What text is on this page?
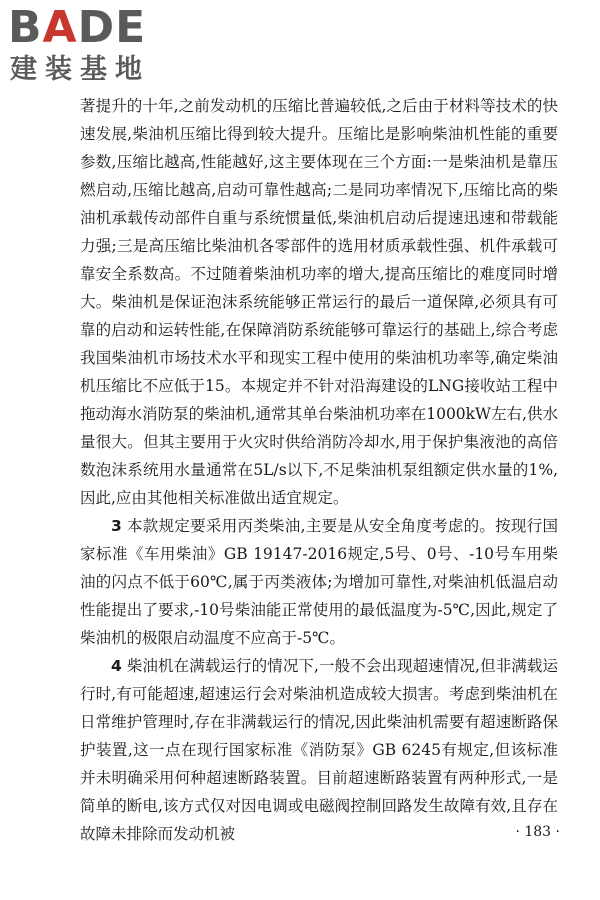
BADE
建装基地

著提升的十年,之前发动机的压缩比普遍较低,之后由于材料等技术的快速发展,柴油机压缩比得到较大提升。压缩比是影响柴油机性能的重要参数,压缩比越高,性能越好,这主要体现在三个方面:一是柴油机是靠压燃启动,压缩比越高,启动可靠性越高;二是同功率情况下,压缩比高的柴油机承载传动部件自重与系统惯量低,柴油机启动后提速迅速和带载能力强;三是高压缩比柴油机各零部件的选用材质承载性强、机件承载可靠安全系数高。不过随着柴油机功率的增大,提高压缩比的难度同时增大。柴油机是保证泡沫系统能够正常运行的最后一道保障,必须具有可靠的启动和运转性能,在保障消防系统能够可靠运行的基础上,综合考虑我国柴油机市场技术水平和现实工程中使用的柴油机功率等,确定柴油机压缩比不应低于15。本规定并不针对沿海建设的LNG接收站工程中拖动海水消防泵的柴油机,通常其单台柴油机功率在1000kW左右,供水量很大。但其主要用于火灾时供给消防冷却水,用于保护集液池的高倍数泡沫系统用水量通常在5L/s以下,不足柴油机泵组额定供水量的1%,因此,应由其他相关标准做出适宜规定。

3 本款规定要采用丙类柴油,主要是从安全角度考虑的。按现行国家标准《车用柴油》GB 19147-2016规定,5号、0号、-10号车用柴油的闪点不低于60℃,属于丙类液体;为增加可靠性,对柴油机低温启动性能提出了要求,-10号柴油能正常使用的最低温度为-5℃,因此,规定了柴油机的极限启动温度不应高于-5℃。

4 柴油机在满载运行的情况下,一般不会出现超速情况,但非满载运行时,有可能超速,超速运行会对柴油机造成较大损害。考虑到柴油机在日常维护管理时,存在非满载运行的情况,因此柴油机需要有超速断路保护装置,这一点在现行国家标准《消防泵》GB 6245有规定,但该标准并未明确采用何种超速断路装置。目前超速断路装置有两种形式,一是简单的断电,该方式仅对因电调或电磁阀控制回路发生故障有效,且存在故障未排除而发动机被	· 183 ·
